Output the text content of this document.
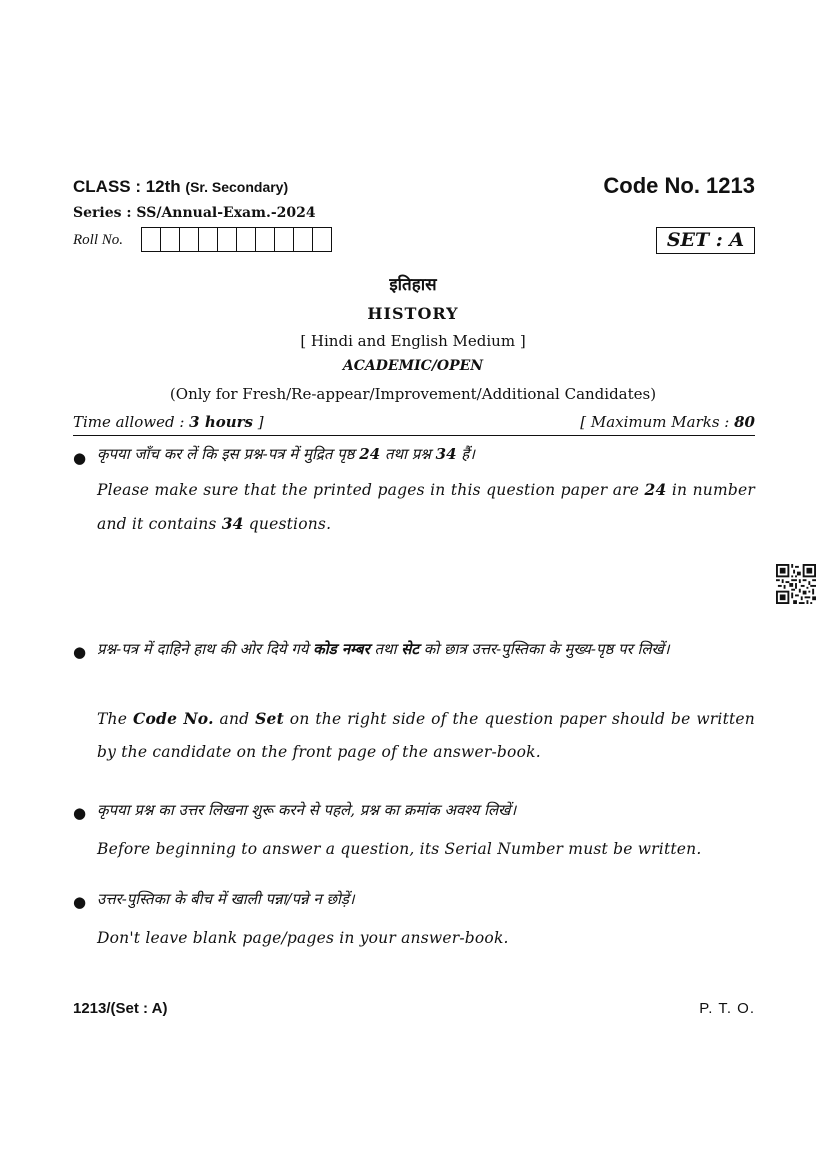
CLASS : 12th (Sr. Secondary)	Code No. 1213
Series : SS/Annual-Exam.-2024
Roll No.	SET : A
इतिहास
HISTORY
[ Hindi and English Medium ]
ACADEMIC/OPEN
(Only for Fresh/Re-appear/Improvement/Additional Candidates)
Time allowed : 3 hours ]	[ Maximum Marks : 80
● कृपया जाँच कर लें कि इस प्रश्न-पत्र में मुद्रित पृष्ठ 24 तथा प्रश्न 34 हैं।
Please make sure that the printed pages in this question paper are 24 in number and it contains 34 questions.
● प्रश्न-पत्र में दाहिने हाथ की ओर दिये गये कोड नम्बर तथा सेट को छात्र उत्तर-पुस्तिका के मुख्य-पृष्ठ पर लिखें।
The Code No. and Set on the right side of the question paper should be written by the candidate on the front page of the answer-book.
● कृपया प्रश्न का उत्तर लिखना शुरू करने से पहले, प्रश्न का क्रमांक अवश्य लिखें।
Before beginning to answer a question, its Serial Number must be written.
● उत्तर-पुस्तिका के बीच में खाली पन्ना/पन्ने न छोड़ें।
Don't leave blank page/pages in your answer-book.
1213/(Set : A)	P. T. O.
